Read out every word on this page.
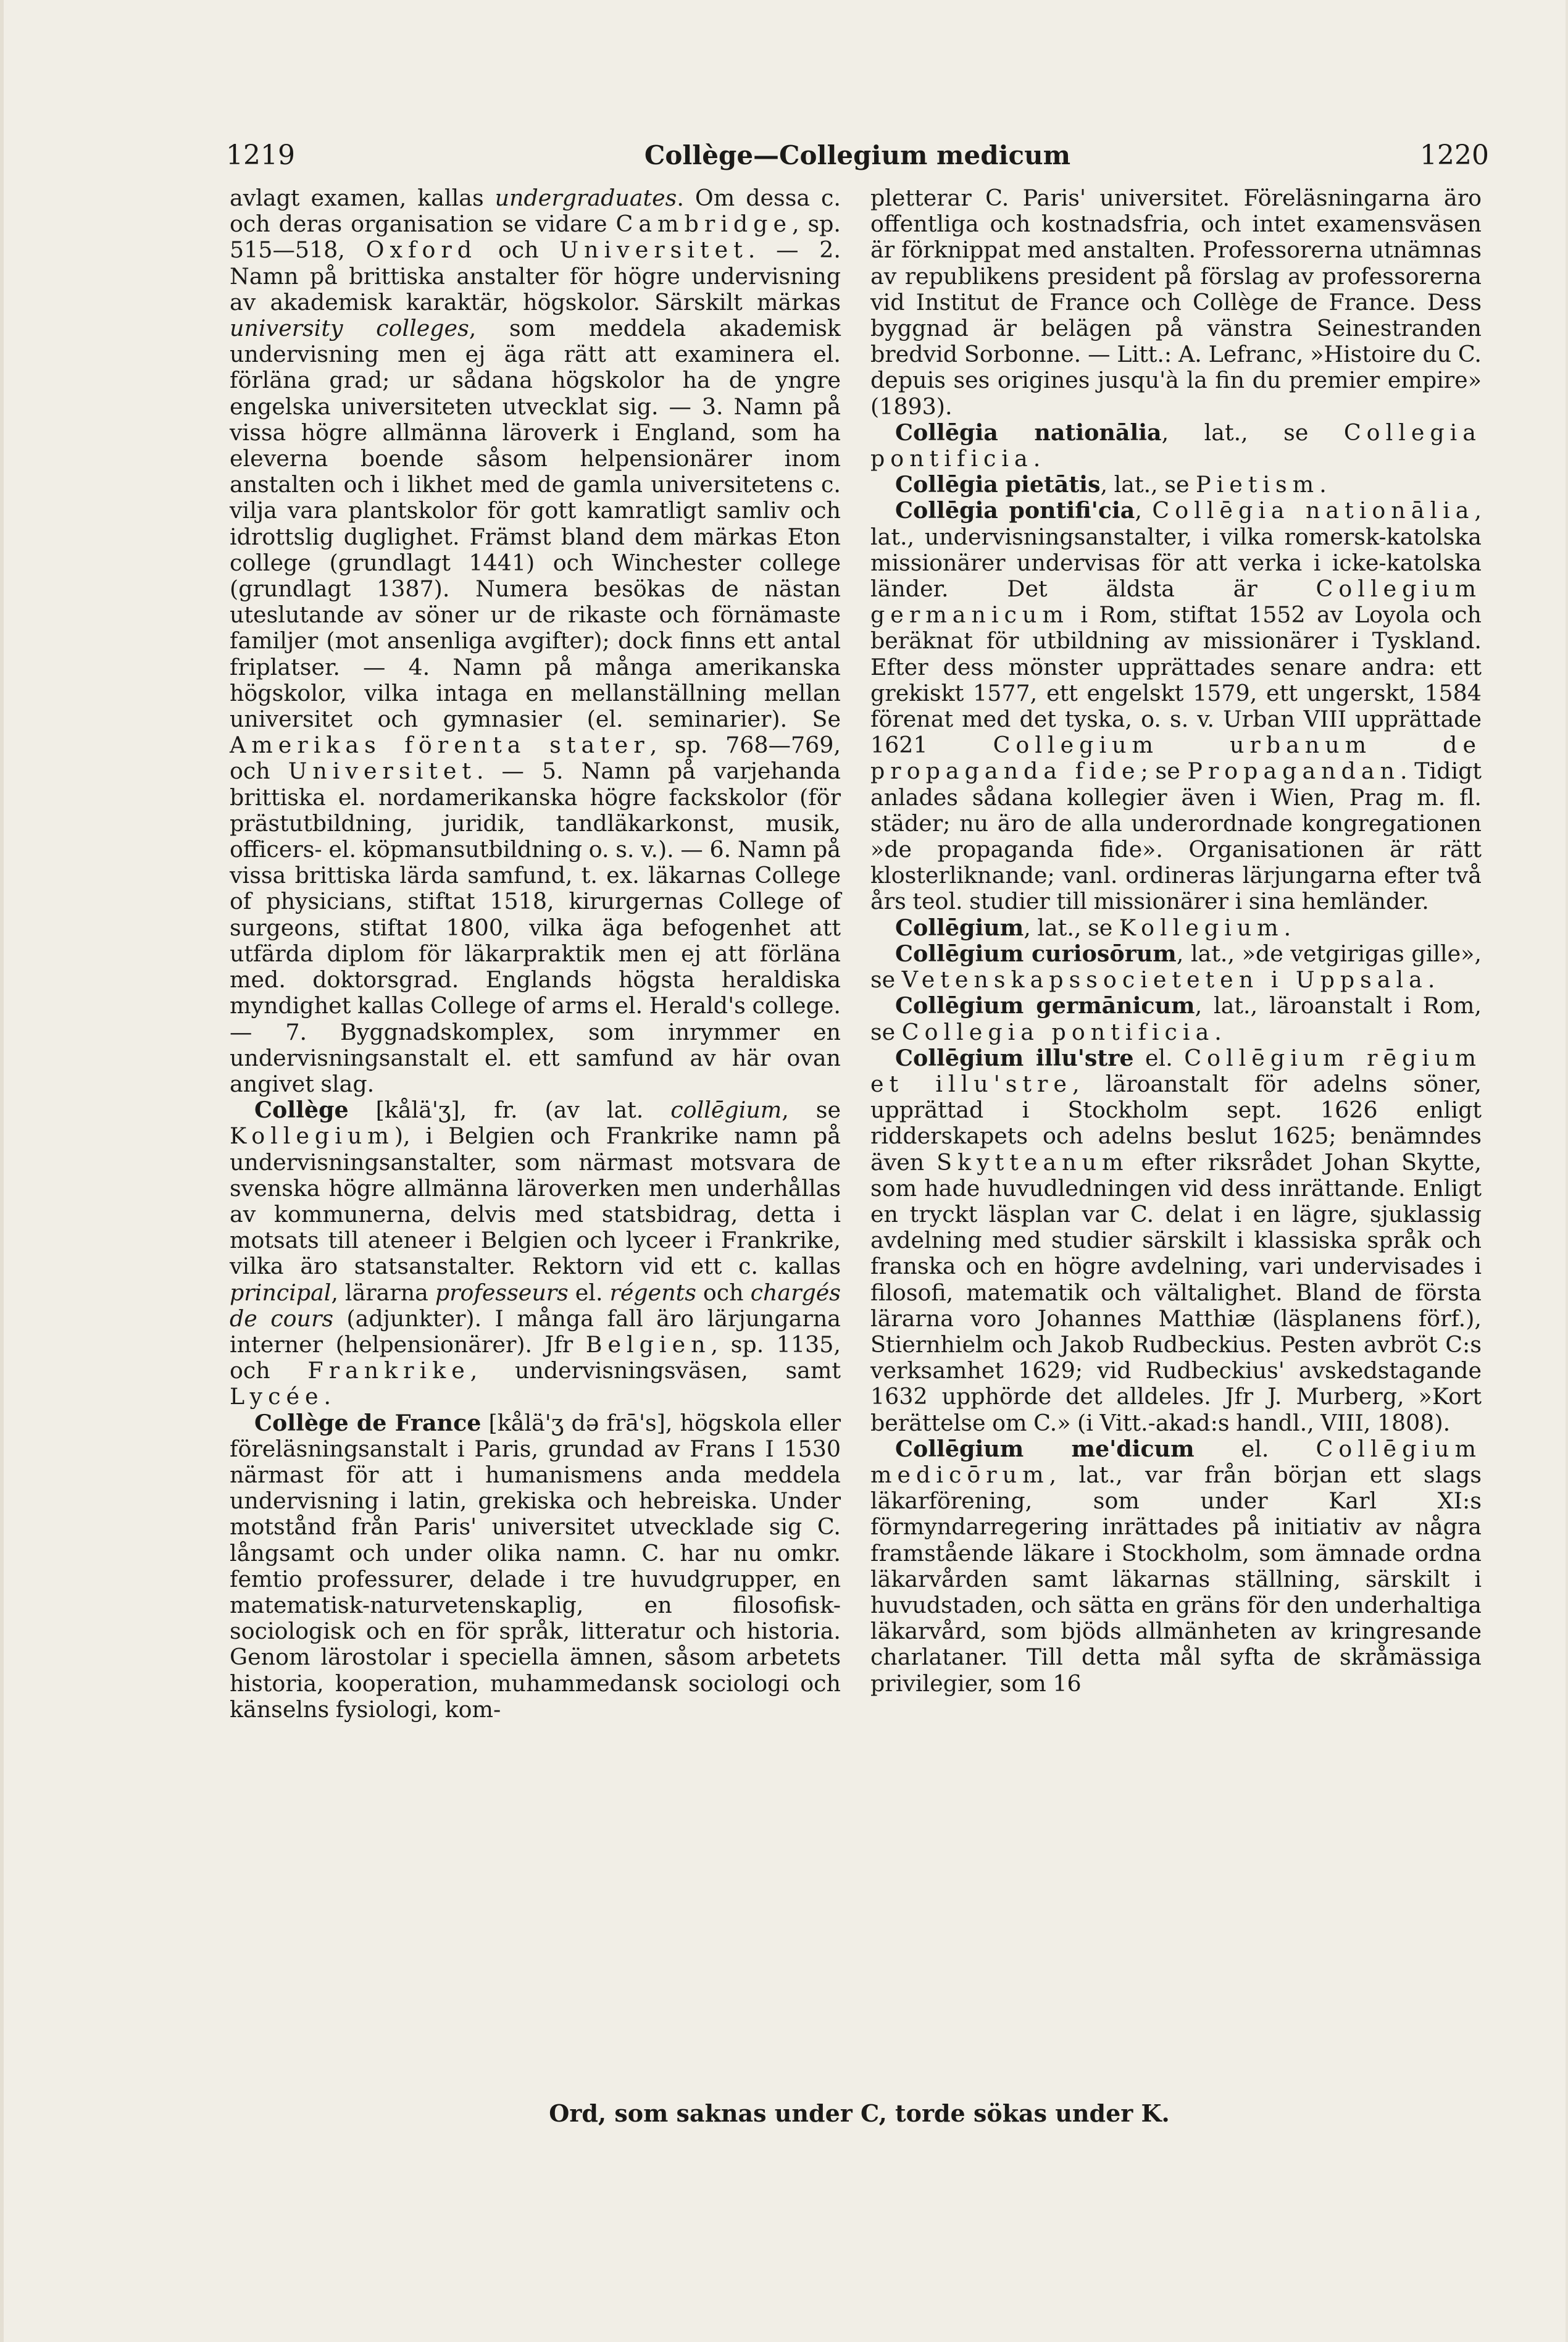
1219	Collège—Collegium medicum	1220

avlagt examen, kallas undergraduates. Om dessa c. och deras organisation se vidare Cambridge, sp. 515—518, Oxford och Universitet. — 2. Namn på brittiska anstalter för högre undervisning av akademisk karaktär, högskolor. Särskilt märkas university colleges, som meddela akademisk undervisning men ej äga rätt att examinera el. förläna grad; ur sådana högskolor ha de yngre engelska universiteten utvecklat sig. — 3. Namn på vissa högre allmänna läroverk i England, som ha eleverna boende såsom helpensionärer inom anstalten och i likhet med de gamla universitetens c. vilja vara plantskolor för gott kamratligt samliv och idrottslig duglighet. Främst bland dem märkas Eton college (grundlagt 1441) och Winchester college (grundlagt 1387). Numera besökas de nästan uteslutande av söner ur de rikaste och förnämaste familjer (mot ansenliga avgifter); dock finns ett antal friplatser. — 4. Namn på många amerikanska högskolor, vilka intaga en mellanställning mellan universitet och gymnasier (el. seminarier). Se Amerikas förenta stater, sp. 768—769, och Universitet. — 5. Namn på varjehanda brittiska el. nordamerikanska högre fackskolor (för prästutbildning, juridik, tandläkarkonst, musik, officers- el. köpmansutbildning o. s. v.). — 6. Namn på vissa brittiska lärda samfund, t. ex. läkarnas College of physicians, stiftat 1518, kirurgernas College of surgeons, stiftat 1800, vilka äga befogenhet att utfärda diplom för läkarpraktik men ej att förläna med. doktorsgrad. Englands högsta heraldiska myndighet kallas College of arms el. Herald's college. — 7. Byggnadskomplex, som inrymmer en undervisningsanstalt el. ett samfund av här ovan angivet slag.

Collège [kålä'ʒ], fr. (av lat. collēgium, se Kollegium), i Belgien och Frankrike namn på undervisningsanstalter, som närmast motsvara de svenska högre allmänna läroverken men underhållas av kommunerna, delvis med statsbidrag, detta i motsats till ateneer i Belgien och lyceer i Frankrike, vilka äro statsanstalter. Rektorn vid ett c. kallas principal, lärarna professeurs el. régents och chargés de cours (adjunkter). I många fall äro lärjungarna interner (helpensionärer). Jfr Belgien, sp. 1135, och Frankrike, undervisningsväsen, samt Lycée.

Collège de France [kålä'ʒ də frā's], högskola eller föreläsningsanstalt i Paris, grundad av Frans I 1530 närmast för att i humanismens anda meddela undervisning i latin, grekiska och hebreiska. Under motstånd från Paris' universitet utvecklade sig C. långsamt och under olika namn. C. har nu omkr. femtio professurer, delade i tre huvudgrupper, en matematisk-naturvetenskaplig, en filosofisk-sociologisk och en för språk, litteratur och historia. Genom lärostolar i speciella ämnen, såsom arbetets historia, kooperation, muhammedansk sociologi och känselns fysiologi, kom-

pletterar C. Paris' universitet. Föreläsningarna äro offentliga och kostnadsfria, och intet examensväsen är förknippat med anstalten. Professorerna utnämnas av republikens president på förslag av professorerna vid Institut de France och Collège de France. Dess byggnad är belägen på vänstra Seinestranden bredvid Sorbonne. — Litt.: A. Lefranc, »Histoire du C. depuis ses origines jusqu'à la fin du premier empire» (1893).

Collēgia nationālia, lat., se Collegia pontificia.

Collēgia pietātis, lat., se Pietism.

Collēgia pontifi'cia, Collēgia nationālia, lat., undervisningsanstalter, i vilka romersk-katolska missionärer undervisas för att verka i icke-katolska länder. Det äldsta är Collegium germanicum i Rom, stiftat 1552 av Loyola och beräknat för utbildning av missionärer i Tyskland. Efter dess mönster upprättades senare andra: ett grekiskt 1577, ett engelskt 1579, ett ungerskt, 1584 förenat med det tyska, o. s. v. Urban VIII upprättade 1621 Collegium urbanum de propaganda fide; se Propagandan. Tidigt anlades sådana kollegier även i Wien, Prag m. fl. städer; nu äro de alla underordnade kongregationen »de propaganda fide». Organisationen är rätt klosterliknande; vanl. ordineras lärjungarna efter två års teol. studier till missionärer i sina hemländer.

Collēgium, lat., se Kollegium.

Collēgium curiosōrum, lat., »de vetgirigas gille», se Vetenskapssocieteten i Uppsala.

Collēgium germānicum, lat., läroanstalt i Rom, se Collegia pontificia.

Collēgium illu'stre el. Collēgium rēgium et illu'stre, läroanstalt för adelns söner, upprättad i Stockholm sept. 1626 enligt ridderskapets och adelns beslut 1625; benämndes även Skytteanum efter riksrådet Johan Skytte, som hade huvudledningen vid dess inrättande. Enligt en tryckt läsplan var C. delat i en lägre, sjuklassig avdelning med studier särskilt i klassiska språk och franska och en högre avdelning, vari undervisades i filosofi, matematik och vältalighet. Bland de första lärarna voro Johannes Matthiæ (läsplanens förf.), Stiernhielm och Jakob Rudbeckius. Pesten avbröt C:s verksamhet 1629; vid Rudbeckius' avskedstagande 1632 upphörde det alldeles. Jfr J. Murberg, »Kort berättelse om C.» (i Vitt.-akad:s handl., VIII, 1808).

Collēgium me'dicum el. Collēgium medicōrum, lat., var från början ett slags läkarförening, som under Karl XI:s förmyndarregering inrättades på initiativ av några framstående läkare i Stockholm, som ämnade ordna läkarvården samt läkarnas ställning, särskilt i huvudstaden, och sätta en gräns för den underhaltiga läkarvård, som bjöds allmänheten av kringresande charlataner. Till detta mål syfta de skråmässiga privilegier, som 16

Ord, som saknas under C, torde sökas under K.
